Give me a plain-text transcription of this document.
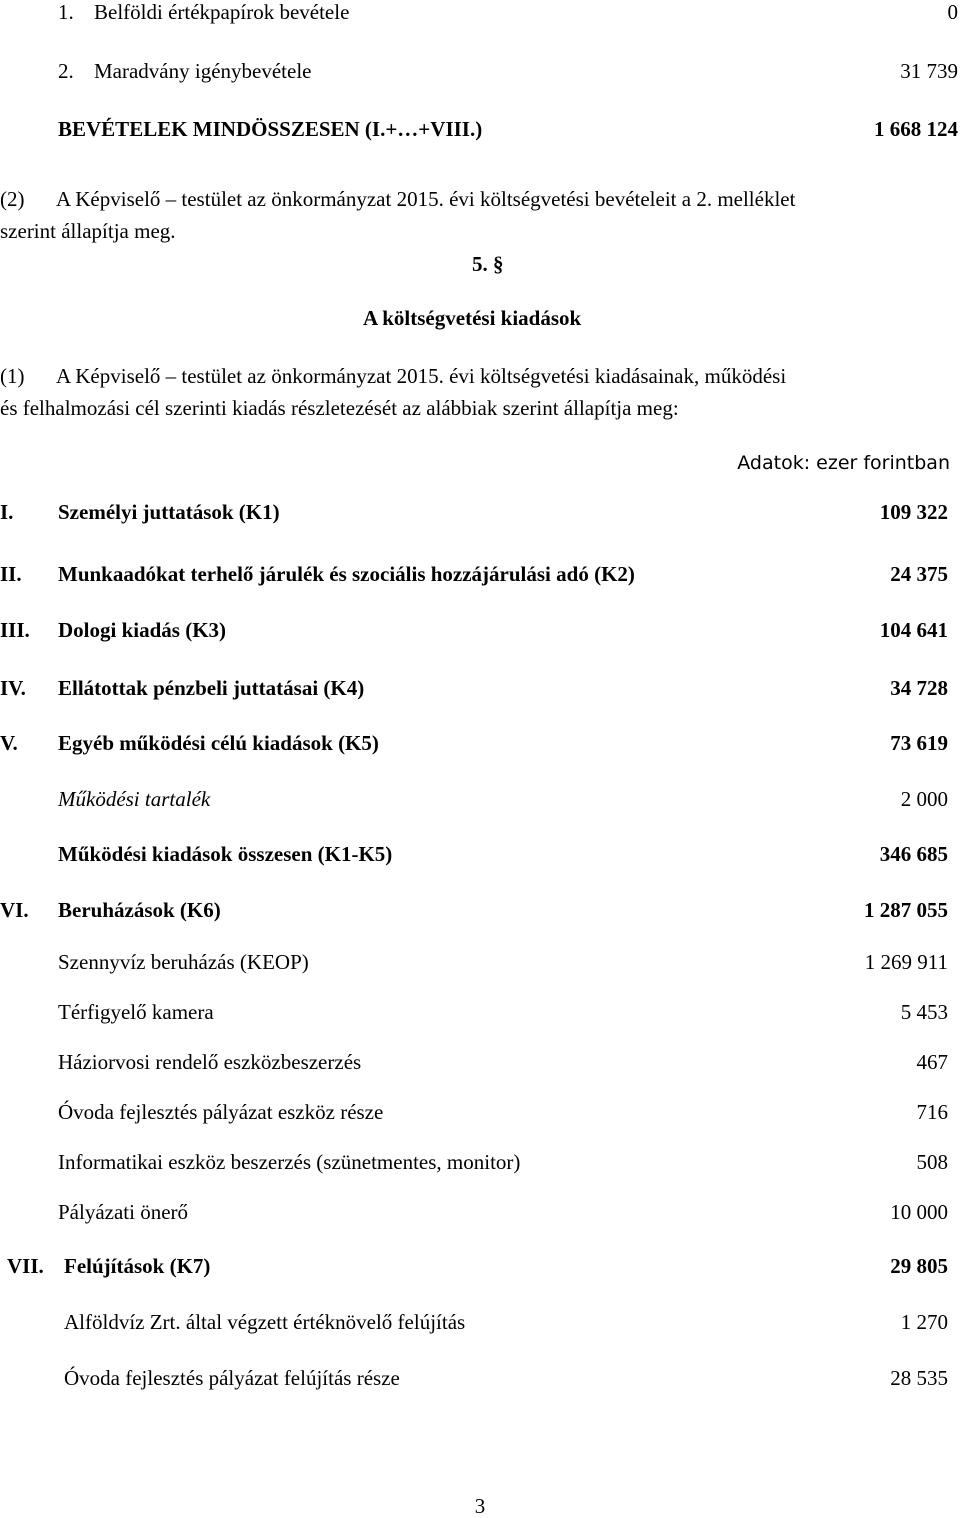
1. Belföldi értékpapírok bevétele	0
2. Maradvány igénybevétele	31 739
BEVÉTELEK MINDÖSSZESEN (I.+…+VIII.)	1 668 124
(2) A Képviselő – testület az önkormányzat 2015. évi költségvetési bevételeit a 2. melléklet
szerint állapítja meg.
5. §
A költségvetési kiadások
(1) A Képviselő – testület az önkormányzat 2015. évi költségvetési kiadásainak, működési
és felhalmozási cél szerinti kiadás részletezését az alábbiak szerint állapítja meg:
Adatok: ezer forintban
I. Személyi juttatások (K1)	109 322
II. Munkaadókat terhelő járulék és szociális hozzájárulási adó (K2)	24 375
III. Dologi kiadás (K3)	104 641
IV. Ellátottak pénzbeli juttatásai (K4)	34 728
V. Egyéb működési célú kiadások (K5)	73 619
Működési tartalék	2 000
Működési kiadások összesen (K1-K5)	346 685
VI. Beruházások (K6)	1 287 055
Szennyvíz beruházás (KEOP)	1 269 911
Térfigyelő kamera	5 453
Háziorvosi rendelő eszközbeszerzés	467
Óvoda fejlesztés pályázat eszköz része	716
Informatikai eszköz beszerzés (szünetmentes, monitor)	508
Pályázati önerő	10 000
VII. Felújítások (K7)	29 805
Alföldvíz Zrt. által végzett értéknövelő felújítás	1 270
Óvoda fejlesztés pályázat felújítás része	28 535
3
